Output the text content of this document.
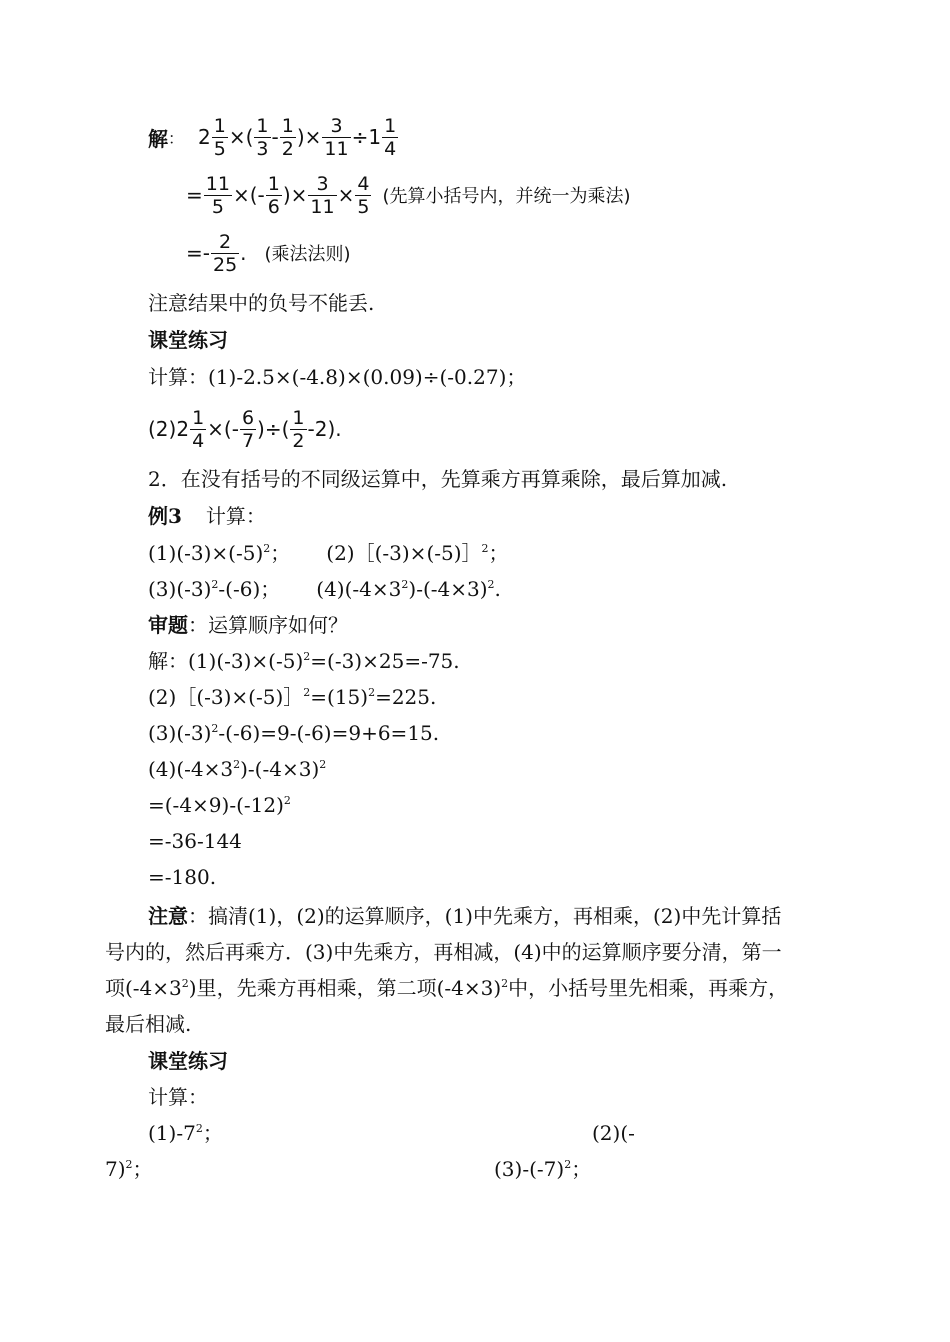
解 ： $2 \frac{1}{5}$ × ( $\frac{1}{3} - \frac{1}{2}$ ) × $\frac{3}{11} \div 1 \frac{1}{4}$
= $\frac{11}{5}$ × (- $\frac{1}{6}$ ) × $\frac{3}{11} \times \frac{4}{5}$ (先算小括号内，并统一为乘法)
=- $\frac{2}{25}$ . (乘法法则)
注意结果中的负号不能丢.
课堂练习
计算：(1)-2.5×(-4.8)×(0.09)÷(-0.27)；
$(2)2 \frac{1}{4}$ ×(- $\frac{6}{7}$ )÷( $\frac{1}{2} -2$).
2．在没有括号的不同级运算中，先算乘方再算乘除，最后算加减.
例3 计算：
$(1)(-3)\times(-5)^2$； (2)［(-3)×(-5)］$^2$；
$(3)(-3)^2-(-6)$； $(4)(-4\times 3^2)-(-4\times 3)^2$.
审题：运算顺序如何？
解：$(1)(-3)\times(-5)^2=(-3)\times 25=-75$.
$(2)[(-3)\times(-5)]^2=(15)^2=225$.
$(3)(-3)^2-(-6)=9-(-6)=9+6=15$.
$(4)(-4\times 3^2)-(-4\times 3)^2$
$=(-4\times 9)-(-12)^2$
=-36-144
=-180.
注意：搞清(1)，(2)的运算顺序，(1)中先乘方，再相乘，(2)中先计算括
号内的，然后再乘方．(3)中先乘方，再相减，(4)中的运算顺序要分清，第一
项$(-4\times 3^2)$里，先乘方再相乘，第二项$(-4\times 3)^2$中，小括号里先相乘，再乘方，
最后相减.
课堂练习
计算：
$(1)-7^2$；	(2)(-
7)$^2$；	$(3)-(-7)^2$；
